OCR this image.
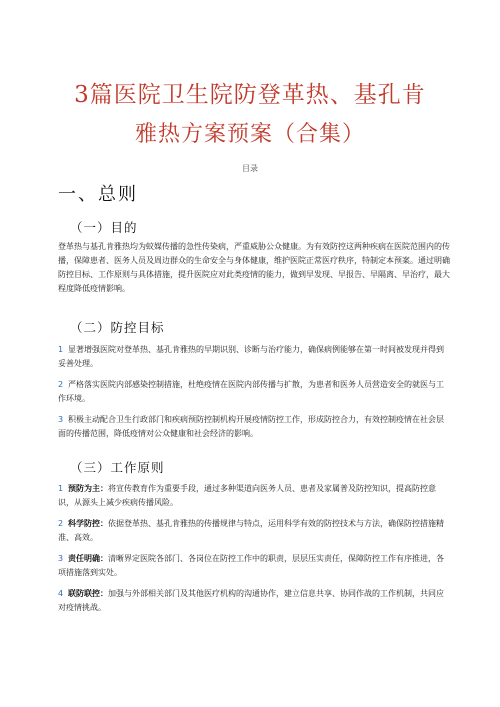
3篇医院卫生院防登革热、基孔肯
雅热方案预案（合集）
目录
一、总则
（一）目的
登革热与基孔肯雅热均为蚊媒传播的急性传染病，严重威胁公众健康。为有效防控这两种疾病在医院范围内的传播，保障患者、医务人员及周边群众的生命安全与身体健康，维护医院正常医疗秩序，特制定本预案。通过明确防控目标、工作原则与具体措施，提升医院应对此类疫情的能力，做到早发现、早报告、早隔离、早治疗，最大程度降低疫情影响。
（二）防控目标
1 显著增强医院对登革热、基孔肯雅热的早期识别、诊断与治疗能力，确保病例能够在第一时间被发现并得到妥善处理。
2 严格落实医院内部感染控制措施，杜绝疫情在医院内部传播与扩散，为患者和医务人员营造安全的就医与工作环境。
3 积极主动配合卫生行政部门和疾病预防控制机构开展疫情防控工作，形成防控合力，有效控制疫情在社会层面的传播范围，降低疫情对公众健康和社会经济的影响。
（三）工作原则
1 预防为主：将宣传教育作为重要手段，通过多种渠道向医务人员、患者及家属普及防控知识，提高防控意识，从源头上减少疾病传播风险。
2 科学防控：依据登革热、基孔肯雅热的传播规律与特点，运用科学有效的防控技术与方法，确保防控措施精准、高效。
3 责任明确：清晰界定医院各部门、各岗位在防控工作中的职责，层层压实责任，保障防控工作有序推进，各项措施落到实处。
4 联防联控：加强与外部相关部门及其他医疗机构的沟通协作，建立信息共享、协同作战的工作机制，共同应对疫情挑战。
